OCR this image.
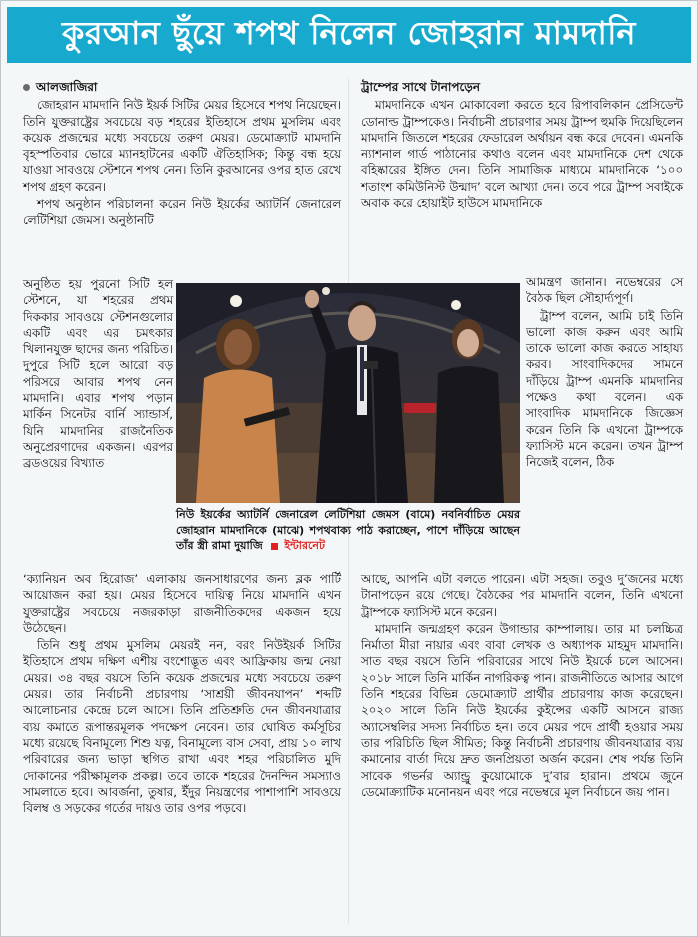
কুরআন ছুঁয়ে শপথ নিলেন জোহরান মামদানি
আলজাজিরা

জোহরান মামদানি নিউ ইয়র্ক সিটির মেয়র হিসেবে শপথ নিয়েছেন। তিনি যুক্তরাষ্ট্রের সবচেয়ে বড় শহরের ইতিহাসে প্রথম মুসলিম এবং কয়েক প্রজন্মের মধ্যে সবচেয়ে তরুণ মেয়র। ডেমোক্র্যাট মামদানি বৃহস্পতিবার ভোরে ম্যানহাটনের একটি ঐতিহাসিক; কিন্তু বন্ধ হয়ে যাওয়া সাবওয়ে স্টেশনে শপথ নেন। তিনি কুরআনের ওপর হাত রেখে শপথ গ্রহণ করেন।

শপথ অনুষ্ঠান পরিচালনা করেন নিউ ইয়র্কের অ্যাটর্নি জেনারেল লেটিশিয়া জেমস। অনুষ্ঠানটি

অনুষ্ঠিত হয় পুরনো সিটি হল স্টেশনে, যা শহরের প্রথম দিককার সাবওয়ে স্টেশনগুলোর একটি এবং এর চমৎকার খিলানযুক্ত ছাদের জন্য পরিচিত। দুপুরে সিটি হলে আরো বড় পরিসরে আবার শপথ নেন মামদানি। এবার শপথ পড়ান মার্কিন সিনেটর বার্নি স্যান্ডার্স, যিনি মামদানির রাজনৈতিক অনুপ্রেরণাদের একজন। এরপর ব্রডওয়ের বিখ্যাত

ট্রাম্পের সাথে টানাপড়েন

মামদানিকে এখন মোকাবেলা করতে হবে রিপাবলিকান প্রেসিডেন্ট ডোনাল্ড ট্রাম্পকেও। নির্বাচনী প্রচারণার সময় ট্রাম্প হুমকি দিয়েছিলেন মামদানি জিতলে শহরের ফেডারেল অর্থায়ন বন্ধ করে দেবেন। এমনকি ন্যাশনাল গার্ড পাঠানোর কথাও বলেন এবং মামদানিকে দেশ থেকে বহিষ্কারের ইঙ্গিত দেন। তিনি সামাজিক মাধ্যমে মামদানিকে ‘১০০ শতাংশ কমিউনিস্ট উন্মাদ’ বলে আখ্যা দেন। তবে পরে ট্রাম্প সবাইকে অবাক করে হোয়াইট হাউসে মামদানিকে

আমন্ত্রণ জানান। নভেম্বরের সে বৈঠক ছিল সৌহার্দ্যপূর্ণ।

ট্রাম্প বলেন, আমি চাই তিনি ভালো কাজ করুন এবং আমি তাকে ভালো কাজ করতে সাহায্য করব। সাংবাদিকদের সামনে দাঁড়িয়ে ট্রাম্প এমনকি মামদানির পক্ষেও কথা বলেন। এক সাংবাদিক মামদানিকে জিজ্ঞেস করেন তিনি কি এখনো ট্রাম্পকে ফ্যাসিস্ট মনে করেন। তখন ট্রাম্প নিজেই বলেন, ঠিক

নিউ ইয়র্কের অ্যাটর্নি জেনারেল লেটিশিয়া জেমস (বামে) নবনির্বাচিত মেয়র জোহরান মামদানিকে (মাঝে) শপথবাক্য পাঠ করাচ্ছেন, পাশে দাঁড়িয়ে আছেন তাঁর স্ত্রী রামা দুয়াজি ইন্টারনেট

‘ক্যানিয়ন অব হিরোজ’ এলাকায় জনসাধারণের জন্য ব্লক পার্টি আয়োজন করা হয়। মেয়র হিসেবে দায়িত্ব নিয়ে মামদানি এখন যুক্তরাষ্ট্রের সবচেয়ে নজরকাড়া রাজনীতিকদের একজন হয়ে উঠেছেন।

তিনি শুধু প্রথম মুসলিম মেয়রই নন, বরং নিউইয়র্ক সিটির ইতিহাসে প্রথম দক্ষিণ এশীয় বংশোদ্ভূত এবং আফ্রিকায় জন্ম নেয়া মেয়র। ৩৪ বছর বয়সে তিনি কয়েক প্রজন্মের মধ্যে সবচেয়ে তরুণ মেয়র। তার নির্বাচনী প্রচারণায় ‘সাশ্রয়ী জীবনযাপন’ শব্দটি আলোচনার কেন্দ্রে চলে আসে। তিনি প্রতিশ্রুতি দেন জীবনযাত্রার ব্যয় কমাতে রূপান্তরমূলক পদক্ষেপ নেবেন। তার ঘোষিত কর্মসূচির মধ্যে রয়েছে বিনামূল্যে শিশু যত্ন, বিনামূল্যে বাস সেবা, প্রায় ১০ লাখ পরিবারের জন্য ভাড়া স্থগিত রাখা এবং শহর পরিচালিত মুদি দোকানের পরীক্ষামূলক প্রকল্প। তবে তাকে শহরের দৈনন্দিন সমস্যাও সামলাতে হবে। আবর্জনা, তুষার, ইঁদুর নিয়ন্ত্রণের পাশাপাশি সাবওয়ে বিলম্ব ও সড়কের গর্তের দায়ও তার ওপর পড়বে।

আছে, আপনি এটা বলতে পারেন। এটা সহজ। তবুও দু’জনের মধ্যে টানাপড়েন রয়ে গেছে। বৈঠকের পর মামদানি বলেন, তিনি এখনো ট্রাম্পকে ফ্যাসিস্ট মনে করেন।

মামদানি জন্মগ্রহণ করেন উগান্ডার কাম্পালায়। তার মা চলচ্চিত্র নির্মাতা মীরা নায়ার এবং বাবা লেখক ও অধ্যাপক মাহমুদ মামদানি। সাত বছর বয়সে তিনি পরিবারের সাথে নিউ ইয়র্কে চলে আসেন। ২০১৮ সালে তিনি মার্কিন নাগরিকত্ব পান। রাজনীতিতে আসার আগে তিনি শহরের বিভিন্ন ডেমোক্র্যাট প্রার্থীর প্রচারণায় কাজ করেছেন। ২০২০ সালে তিনি নিউ ইয়র্কের কুইন্সের একটি আসনে রাজ্য অ্যাসেম্বলির সদস্য নির্বাচিত হন। তবে মেয়র পদে প্রার্থী হওয়ার সময় তার পরিচিতি ছিল সীমিত; কিন্তু নির্বাচনী প্রচারণায় জীবনযাত্রার ব্যয় কমানোর বার্তা দিয়ে দ্রুত জনপ্রিয়তা অর্জন করেন। শেষ পর্যন্ত তিনি সাবেক গভর্নর অ্যান্ড্রু কুয়োমোকে দু’বার হারান। প্রথমে জুনে ডেমোক্র্যাটিক মনোনয়ন এবং পরে নভেম্বরে মূল নির্বাচনে জয় পান।
